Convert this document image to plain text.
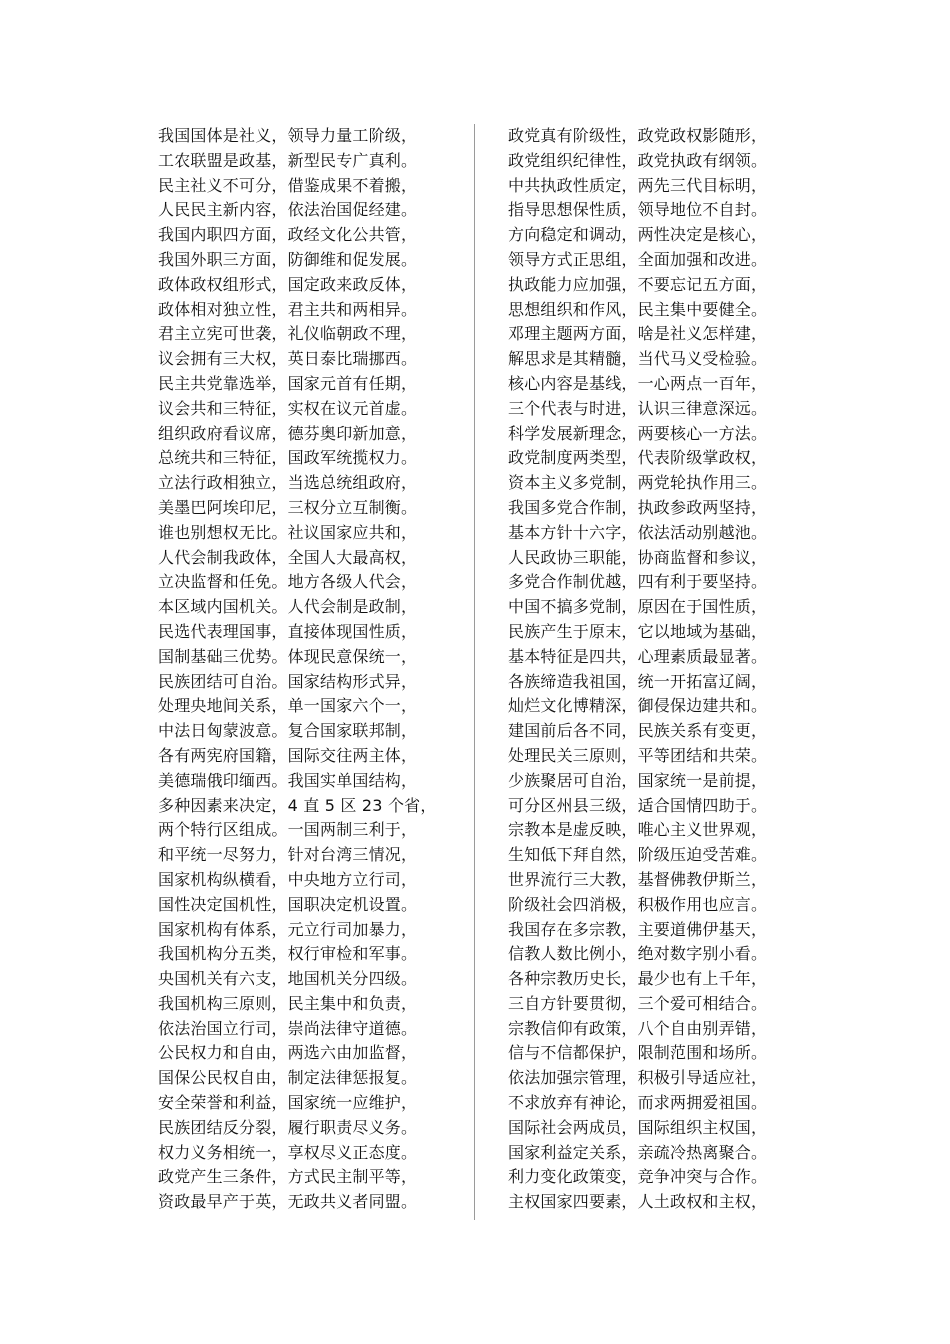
我国国体是社义，领导力量工阶级，
工农联盟是政基，新型民专广真利。
民主社义不可分，借鉴成果不着搬，
人民民主新内容，依法治国促经建。
我国内职四方面，政经文化公共管，
我国外职三方面，防御维和促发展。
政体政权组形式，国定政来政反体，
政体相对独立性，君主共和两相异。
君主立宪可世袭，礼仪临朝政不理，
议会拥有三大权，英日泰比瑞挪西。
民主共党靠选举，国家元首有任期，
议会共和三特征，实权在议元首虚。
组织政府看议席，德芬奥印新加意，
总统共和三特征，国政军统揽权力。
立法行政相独立，当选总统组政府，
美墨巴阿埃印尼，三权分立互制衡。
谁也别想权无比。社议国家应共和，
人代会制我政体，全国人大最高权，
立决监督和任免。地方各级人代会，
本区域内国机关。人代会制是政制，
民选代表理国事，直接体现国性质，
国制基础三优势。体现民意保统一，
民族团结可自治。国家结构形式异，
处理央地间关系，单一国家六个一，
中法日匈蒙波意。复合国家联邦制，
各有两宪府国籍，国际交往两主体，
美德瑞俄印缅西。我国实单国结构，
多种因素来决定，4 直 5 区 23 个省，
两个特行区组成。一国两制三利于，
和平统一尽努力，针对台湾三情况，
国家机构纵横看，中央地方立行司，
国性决定国机性，国职决定机设置。
国家机构有体系，元立行司加暴力，
我国机构分五类，权行审检和军事。
央国机关有六支，地国机关分四级。
我国机构三原则，民主集中和负责，
依法治国立行司，崇尚法律守道德。
公民权力和自由，两选六由加监督，
国保公民权自由，制定法律惩报复。
安全荣誉和利益，国家统一应维护，
民族团结反分裂，履行职责尽义务。
权力义务相统一，享权尽义正态度。
政党产生三条件，方式民主制平等，
资政最早产于英，无政共义者同盟。
政党真有阶级性，政党政权影随形，
政党组织纪律性，政党执政有纲领。
中共执政性质定，两先三代目标明，
指导思想保性质，领导地位不自封。
方向稳定和调动，两性决定是核心，
领导方式正思组，全面加强和改进。
执政能力应加强，不要忘记五方面，
思想组织和作风，民主集中要健全。
邓理主题两方面，啥是社义怎样建，
解思求是其精髓，当代马义受检验。
核心内容是基线，一心两点一百年，
三个代表与时进，认识三律意深远。
科学发展新理念，两要核心一方法。
政党制度两类型，代表阶级掌政权，
资本主义多党制，两党轮执作用三。
我国多党合作制，执政参政两坚持，
基本方针十六字，依法活动别越池。
人民政协三职能，协商监督和参议，
多党合作制优越，四有利于要坚持。
中国不搞多党制，原因在于国性质，
民族产生于原末，它以地域为基础，
基本特征是四共，心理素质最显著。
各族缔造我祖国，统一开拓富辽阔，
灿烂文化博精深，御侵保边建共和。
建国前后各不同，民族关系有变更，
处理民关三原则，平等团结和共荣。
少族聚居可自治，国家统一是前提，
可分区州县三级，适合国情四助于。
宗教本是虚反映，唯心主义世界观，
生知低下拜自然，阶级压迫受苦难。
世界流行三大教，基督佛教伊斯兰，
阶级社会四消极，积极作用也应言。
我国存在多宗教，主要道佛伊基天，
信教人数比例小，绝对数字别小看。
各种宗教历史长，最少也有上千年，
三自方针要贯彻，三个爱可相结合。
宗教信仰有政策，八个自由别弄错，
信与不信都保护，限制范围和场所。
依法加强宗管理，积极引导适应社，
不求放弃有神论，而求两拥爱祖国。
国际社会两成员，国际组织主权国，
国家利益定关系，亲疏冷热离聚合。
利力变化政策变，竞争冲突与合作。
主权国家四要素，人土政权和主权，
